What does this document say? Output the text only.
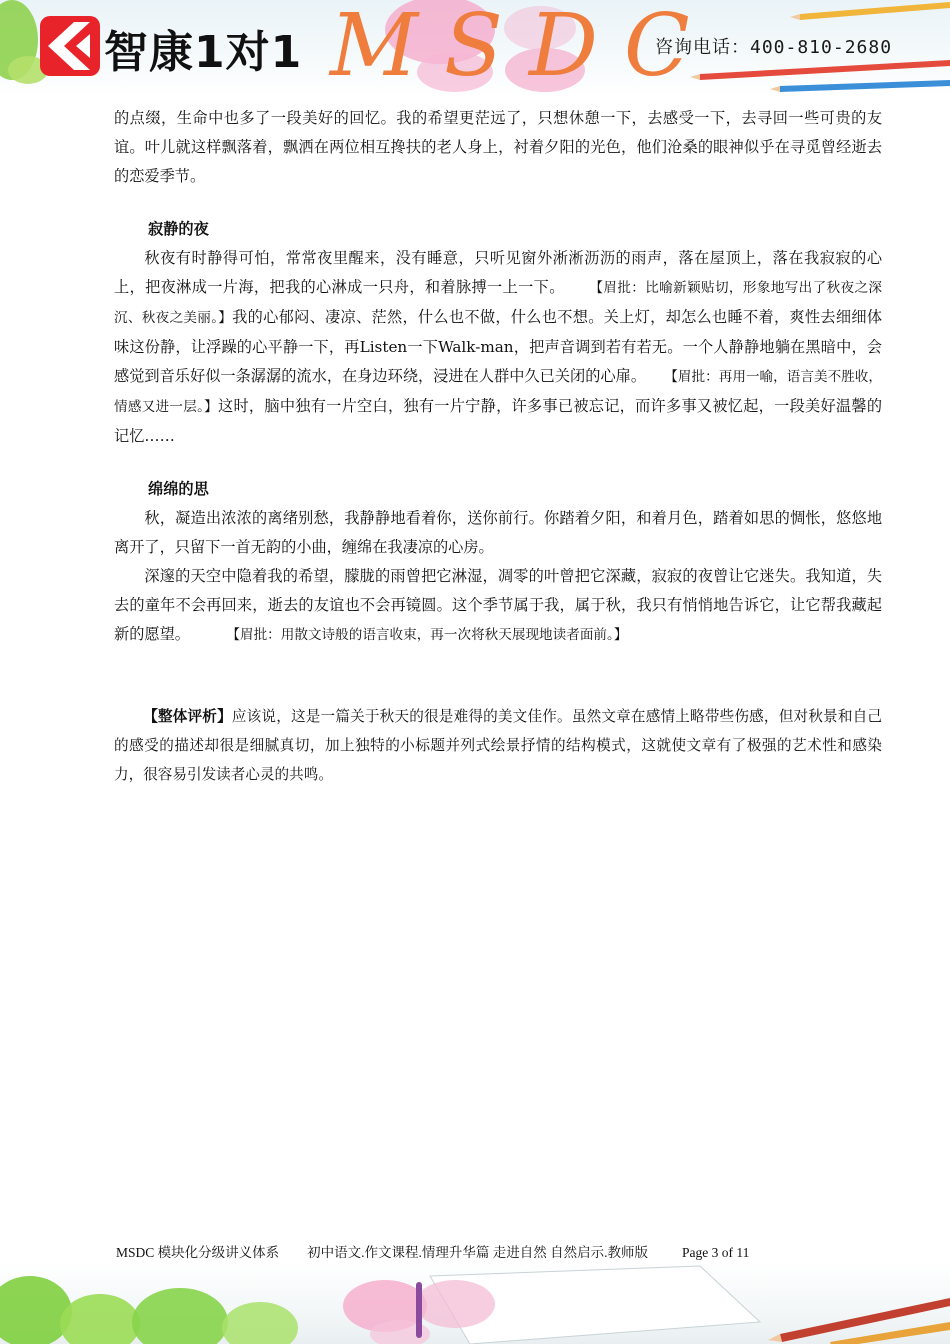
智康1对1 MSDC
咨询电话：400-810-2680

的点缀，生命中也多了一段美好的回忆。我的希望更茫远了，只想休憩一下，去感受一下，去寻回一些可贵的友谊。叶儿就这样飘落着，飘洒在两位相互搀扶的老人身上，衬着夕阳的光色，他们沧桑的眼神似乎在寻觅曾经逝去的恋爱季节。

寂静的夜

秋夜有时静得可怕，常常夜里醒来，没有睡意，只听见窗外淅淅沥沥的雨声，落在屋顶上，落在我寂寂的心上，把夜淋成一片海，把我的心淋成一只舟，和着脉搏一上一下。 【眉批：比喻新颖贴切，形象地写出了秋夜之深沉、秋夜之美丽。】我的心郁闷、凄凉、茫然，什么也不做，什么也不想。关上灯，却怎么也睡不着，爽性去细细体味这份静，让浮躁的心平静一下，再Listen一下Walk-man，把声音调到若有若无。一个人静静地躺在黑暗中，会感觉到音乐好似一条潺潺的流水，在身边环绕，浸进在人群中久已关闭的心扉。 【眉批：再用一喻，语言美不胜收，情感又进一层。】这时，脑中独有一片空白，独有一片宁静，许多事已被忘记，而许多事又被忆起，一段美好温馨的记忆……

绵绵的思

秋，凝造出浓浓的离绪别愁，我静静地看着你，送你前行。你踏着夕阳，和着月色，踏着如思的惆怅，悠悠地离开了，只留下一首无韵的小曲，缠绵在我凄凉的心房。

深邃的天空中隐着我的希望，朦胧的雨曾把它淋湿，凋零的叶曾把它深藏，寂寂的夜曾让它迷失。我知道，失去的童年不会再回来，逝去的友谊也不会再镜圆。这个季节属于我，属于秋，我只有悄悄地告诉它，让它帮我藏起新的愿望。	【眉批：用散文诗般的语言收束，再一次将秋天展现地读者面前。】

【整体评析】应该说，这是一篇关于秋天的很是难得的美文佳作。虽然文章在感情上略带些伤感，但对秋景和自己的感受的描述却很是细腻真切，加上独特的小标题并列式绘景抒情的结构模式，这就使文章有了极强的艺术性和感染力，很容易引发读者心灵的共鸣。

MSDC 模块化分级讲义体系 初中语文.作文课程.情理升华篇 走进自然 自然启示.教师版	Page 3 of 11
